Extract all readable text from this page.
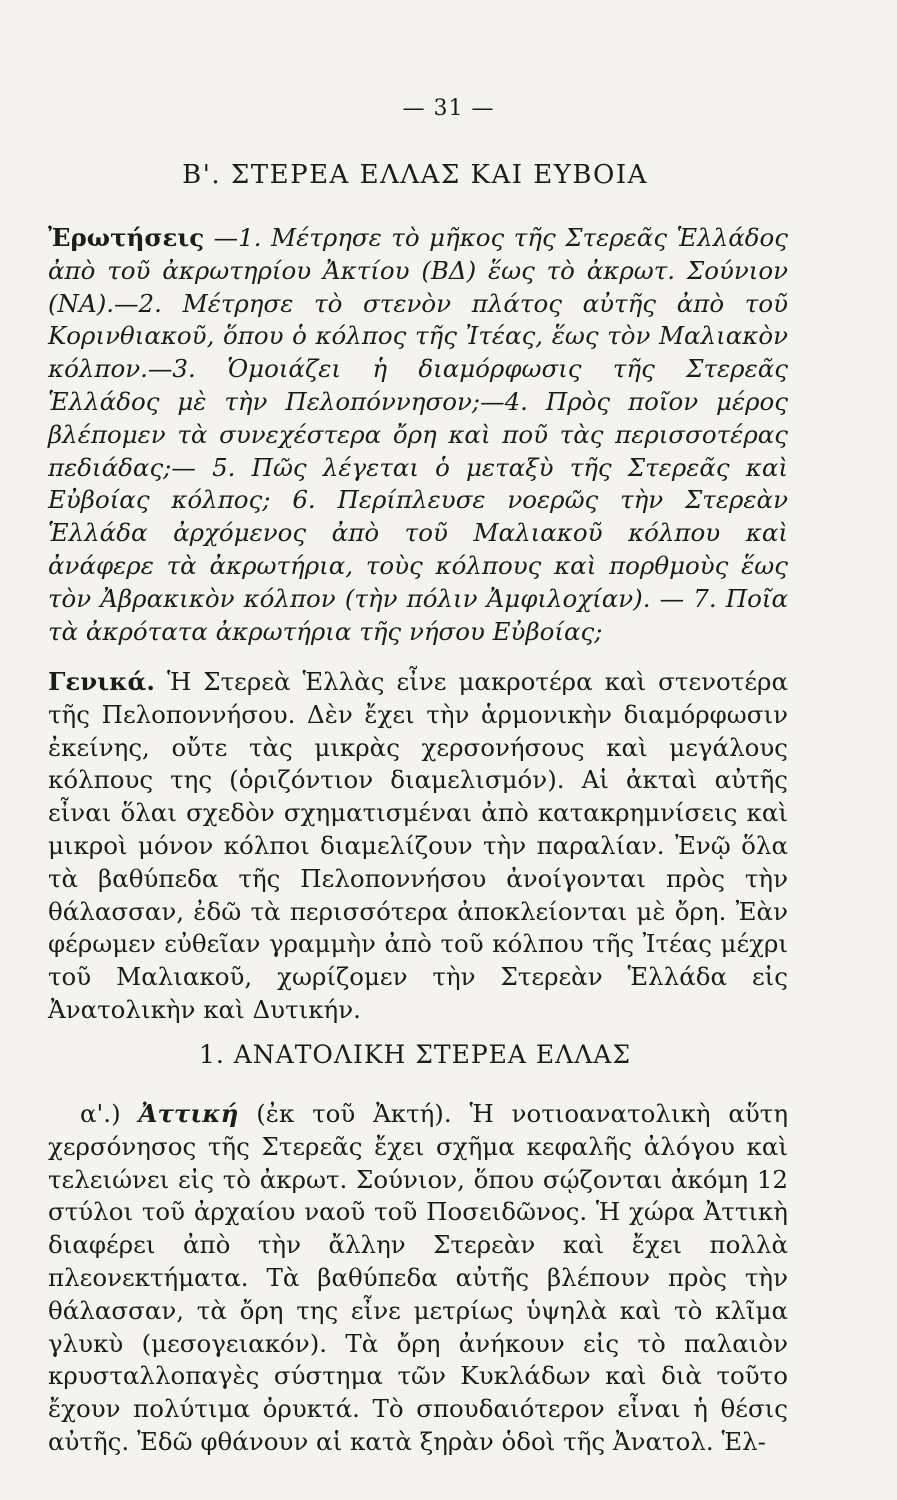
— 31 —
Β'. ΣΤΕΡΕΑ ΕΛΛΑΣ ΚΑΙ ΕΥΒΟΙΑ
Ἐρωτήσεις —1. Μέτρησε τὸ μῆκος τῆς Στερεᾶς Ἑλλάδος ἀπὸ τοῦ ἀκρωτηρίου Ἀκτίου (ΒΔ) ἕως τὸ ἀκρωτ. Σούνιον (ΝΑ).—2. Μέτρησε τὸ στενὸν πλάτος αὐτῆς ἀπὸ τοῦ Κορινθιακοῦ, ὅπου ὁ κόλπος τῆς Ἰτέας, ἕως τὸν Μαλιακὸν κόλπον.—3. Ὁμοιάζει ἡ διαμόρφωσις τῆς Στερεᾶς Ἑλλάδος μὲ τὴν Πελοπόννησον;—4. Πρὸς ποῖον μέρος βλέπομεν τὰ συνεχέστερα ὄρη καὶ ποῦ τὰς περισσοτέρας πεδιάδας;— 5. Πῶς λέγεται ὁ μεταξὺ τῆς Στερεᾶς καὶ Εὐβοίας κόλπος; 6. Περίπλευσε νοερῶς τὴν Στερεὰν Ἑλλάδα ἀρχόμενος ἀπὸ τοῦ Μαλιακοῦ κόλπου καὶ ἀνάφερε τὰ ἀκρωτήρια, τοὺς κόλπους καὶ πορθμοὺς ἕως τὸν Ἀβρακικὸν κόλπον (τὴν πόλιν Ἀμφιλοχίαν). — 7. Ποῖα τὰ ἀκρότατα ἀκρωτήρια τῆς νήσου Εὐβοίας;
Γενικά. Ἡ Στερεὰ Ἑλλὰς εἶνε μακροτέρα καὶ στενοτέρα τῆς Πελοποννήσου. Δὲν ἔχει τὴν ἁρμονικὴν διαμόρφωσιν ἐκείνης, οὔτε τὰς μικρὰς χερσονήσους καὶ μεγάλους κόλπους της (ὁριζόντιον διαμελισμόν). Αἱ ἀκταὶ αὐτῆς εἶναι ὅλαι σχεδὸν σχηματισμέναι ἀπὸ κατακρημνίσεις καὶ μικροὶ μόνον κόλποι διαμελίζουν τὴν παραλίαν. Ἐνῷ ὅλα τὰ βαθύπεδα τῆς Πελοποννήσου ἀνοίγονται πρὸς τὴν θάλασσαν, ἐδῶ τὰ περισσότερα ἀποκλείονται μὲ ὄρη. Ἐὰν φέρωμεν εὐθεῖαν γραμμὴν ἀπὸ τοῦ κόλπου τῆς Ἰτέας μέχρι τοῦ Μαλιακοῦ, χωρίζομεν τὴν Στερεὰν Ἑλλάδα εἰς Ἀνατολικὴν καὶ Δυτικήν.
1. ΑΝΑΤΟΛΙΚΗ ΣΤΕΡΕΑ ΕΛΛΑΣ
α'.) Ἀττική (ἐκ τοῦ Ἀκτή). Ἡ νοτιοανατολικὴ αὕτη χερσόνησος τῆς Στερεᾶς ἔχει σχῆμα κεφαλῆς ἀλόγου καὶ τελειώνει εἰς τὸ ἀκρωτ. Σούνιον, ὅπου σῴζονται ἀκόμη 12 στύλοι τοῦ ἀρχαίου ναοῦ τοῦ Ποσειδῶνος. Ἡ χώρα Ἀττικὴ διαφέρει ἀπὸ τὴν ἄλλην Στερεὰν καὶ ἔχει πολλὰ πλεονεκτήματα. Τὰ βαθύπεδα αὐτῆς βλέπουν πρὸς τὴν θάλασσαν, τὰ ὄρη της εἶνε μετρίως ὑψηλὰ καὶ τὸ κλῖμα γλυκὺ (μεσογειακόν). Τὰ ὄρη ἀνήκουν εἰς τὸ παλαιὸν κρυσταλλοπαγὲς σύστημα τῶν Κυκλάδων καὶ διὰ τοῦτο ἔχουν πολύτιμα ὀρυκτά. Τὸ σπουδαιότερον εἶναι ἡ θέσις αὐτῆς. Ἐδῶ φθάνουν αἱ κατὰ ξηρὰν ὁδοὶ τῆς Ἀνατολ. Ἑλ-
